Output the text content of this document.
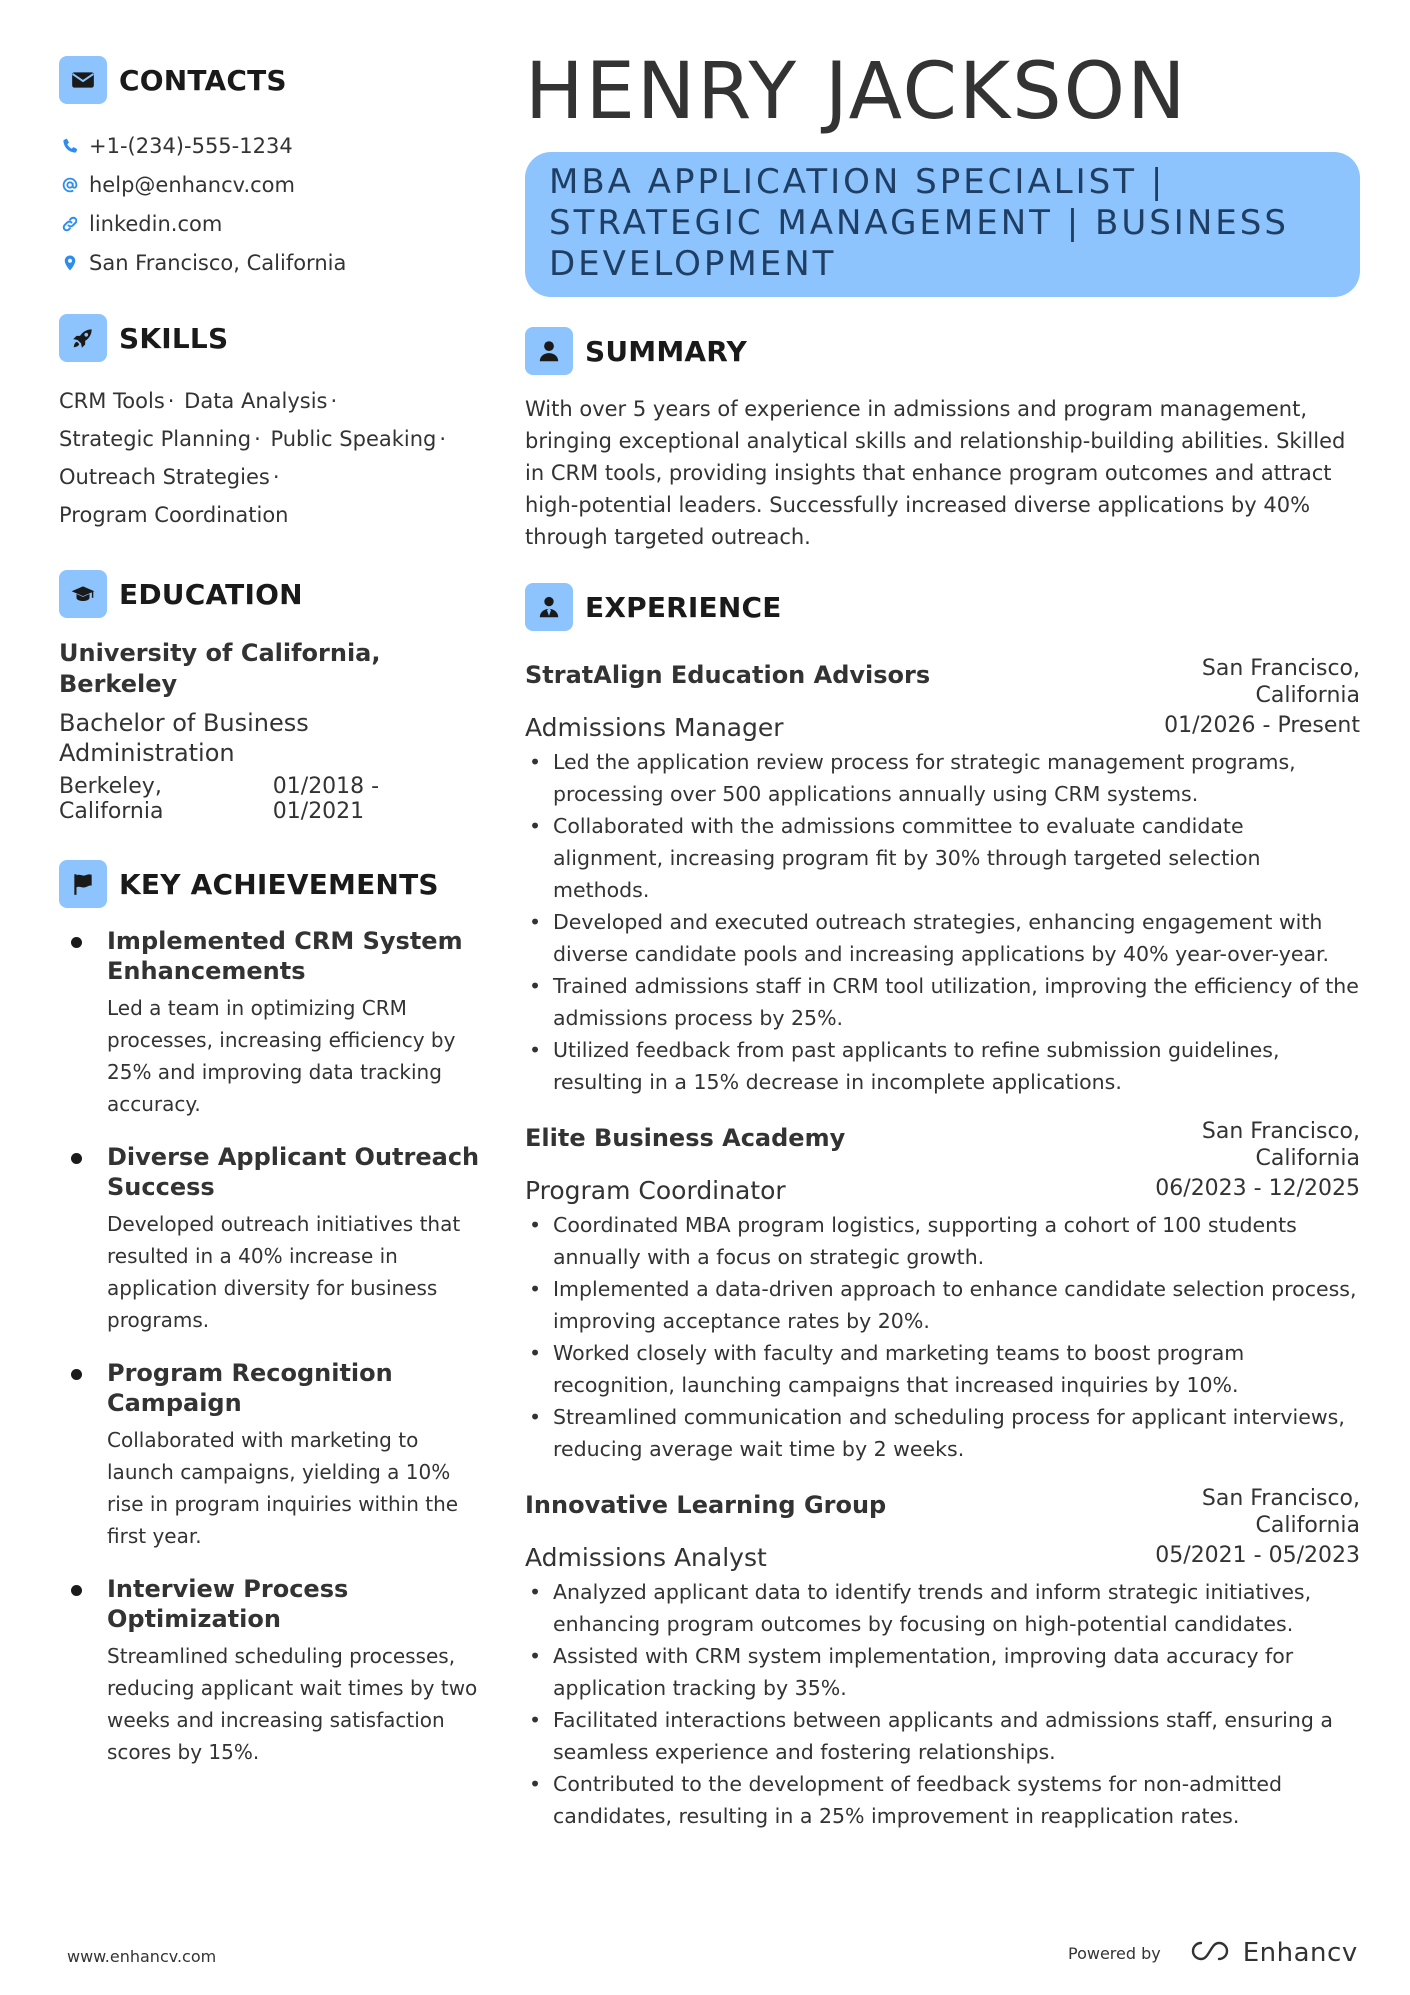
CONTACTS
+1-(234)-555-1234
help@enhancv.com
linkedin.com
San Francisco, California
SKILLS
CRM Tools · Data Analysis ·
Strategic Planning · Public Speaking ·
Outreach Strategies ·
Program Coordination
EDUCATION
University of California, Berkeley
Bachelor of Business Administration
Berkeley, California
01/2018 - 01/2021
KEY ACHIEVEMENTS
Implemented CRM System Enhancements
Led a team in optimizing CRM processes, increasing efficiency by 25% and improving data tracking accuracy.
Diverse Applicant Outreach Success
Developed outreach initiatives that resulted in a 40% increase in application diversity for business programs.
Program Recognition Campaign
Collaborated with marketing to launch campaigns, yielding a 10% rise in program inquiries within the first year.
Interview Process Optimization
Streamlined scheduling processes, reducing applicant wait times by two weeks and increasing satisfaction scores by 15%.
HENRY JACKSON
MBA APPLICATION SPECIALIST | STRATEGIC MANAGEMENT | BUSINESS DEVELOPMENT
SUMMARY
With over 5 years of experience in admissions and program management, bringing exceptional analytical skills and relationship-building abilities. Skilled in CRM tools, providing insights that enhance program outcomes and attract high-potential leaders. Successfully increased diverse applications by 40% through targeted outreach.
EXPERIENCE
StratAlign Education Advisors	San Francisco, California
Admissions Manager	01/2026 - Present
• Led the application review process for strategic management programs, processing over 500 applications annually using CRM systems.
• Collaborated with the admissions committee to evaluate candidate alignment, increasing program fit by 30% through targeted selection methods.
• Developed and executed outreach strategies, enhancing engagement with diverse candidate pools and increasing applications by 40% year-over-year.
• Trained admissions staff in CRM tool utilization, improving the efficiency of the admissions process by 25%.
• Utilized feedback from past applicants to refine submission guidelines, resulting in a 15% decrease in incomplete applications.
Elite Business Academy	San Francisco, California
Program Coordinator	06/2023 - 12/2025
• Coordinated MBA program logistics, supporting a cohort of 100 students annually with a focus on strategic growth.
• Implemented a data-driven approach to enhance candidate selection process, improving acceptance rates by 20%.
• Worked closely with faculty and marketing teams to boost program recognition, launching campaigns that increased inquiries by 10%.
• Streamlined communication and scheduling process for applicant interviews, reducing average wait time by 2 weeks.
Innovative Learning Group	San Francisco, California
Admissions Analyst	05/2021 - 05/2023
• Analyzed applicant data to identify trends and inform strategic initiatives, enhancing program outcomes by focusing on high-potential candidates.
• Assisted with CRM system implementation, improving data accuracy for application tracking by 35%.
• Facilitated interactions between applicants and admissions staff, ensuring a seamless experience and fostering relationships.
• Contributed to the development of feedback systems for non-admitted candidates, resulting in a 25% improvement in reapplication rates.
www.enhancv.com	Powered by	Enhancv
